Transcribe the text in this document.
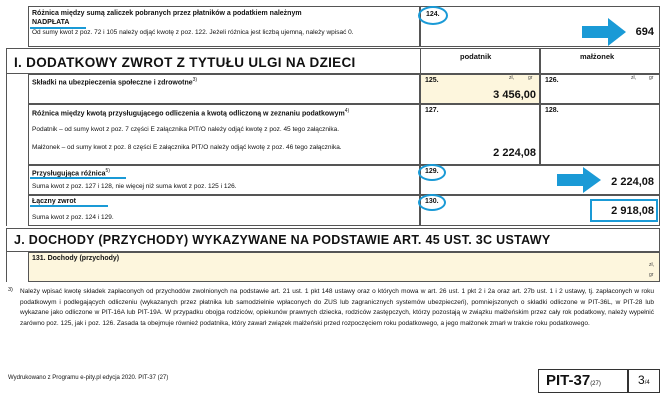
Różnica między sumą zaliczek pobranych przez płatników a podatkiem należnym
NADPŁATA
Od sumy kwot z poz. 72 i 105 należy odjąć kwotę z poz. 122. Jeżeli różnica jest liczbą ujemną, należy wpisać 0.
124.
694
I. DODATKOWY ZWROT Z TYTUŁU ULGI NA DZIECI	podatnik	małżonek
Składki na ubezpieczenia społeczne i zdrowotne$^{3)}$	125.	zł,	gr
3 456,00
126.	zł,	gr
Różnica między kwotą przysługującego odliczenia a kwotą odliczoną w zeznaniu podatkowym$^{4)}$
Podatnik – od sumy kwot z poz. 7 części E załącznika PIT/O należy odjąć kwotę z poz. 45 tego załącznika.
Małżonek – od sumy kwot z poz. 8 części E załącznika PIT/O należy odjąć kwotę z poz. 46 tego załącznika.
127.
2 224,08
128.
Przysługująca różnica$^{5)}$
Suma kwot z poz. 127 i 128, nie więcej niż suma kwot z poz. 125 i 126.
129.
2 224,08
Łączny zwrot
Suma kwot z poz. 124 i 129.
130.
2 918,08
J. DOCHODY (PRZYCHODY) WYKAZYWANE NA PODSTAWIE ART. 45 UST. 3C USTAWY
131. Dochody (przychody)
zł,
gr
3) Należy wpisać kwotę składek zapłaconych od przychodów zwolnionych na podstawie art. 21 ust. 1 pkt 148 ustawy oraz o których mowa w art. 26 ust. 1 pkt 2 i 2a oraz art. 27b ust. 1 i 2 ustawy, tj. zapłaconych w roku podatkowym i podlegających odliczeniu (wykazanych przez płatnika lub samodzielnie wpłaconych do ZUS lub zagranicznych systemów ubezpieczeń), pomniejszonych o składki odliczone w PIT-36L, w PIT-28 lub wykazane jako odliczone w PIT-16A lub PIT-19A. W przypadku obojga rodziców, opiekunów prawnych dziecka, rodziców zastępczych, którzy pozostają w związku małżeńskim przez cały rok podatkowy, należy wypełnić zarówno poz. 125, jak i poz. 126. Zasada ta obejmuje również podatnika, który zawarł związek małżeński przed rozpoczęciem roku podatkowego, a jego małżonek zmarł w trakcie roku podatkowego.
Wydrukowano z Programu e-pity.pl edycja 2020. PIT-37 (27)	PIT-37(27)	3/4
